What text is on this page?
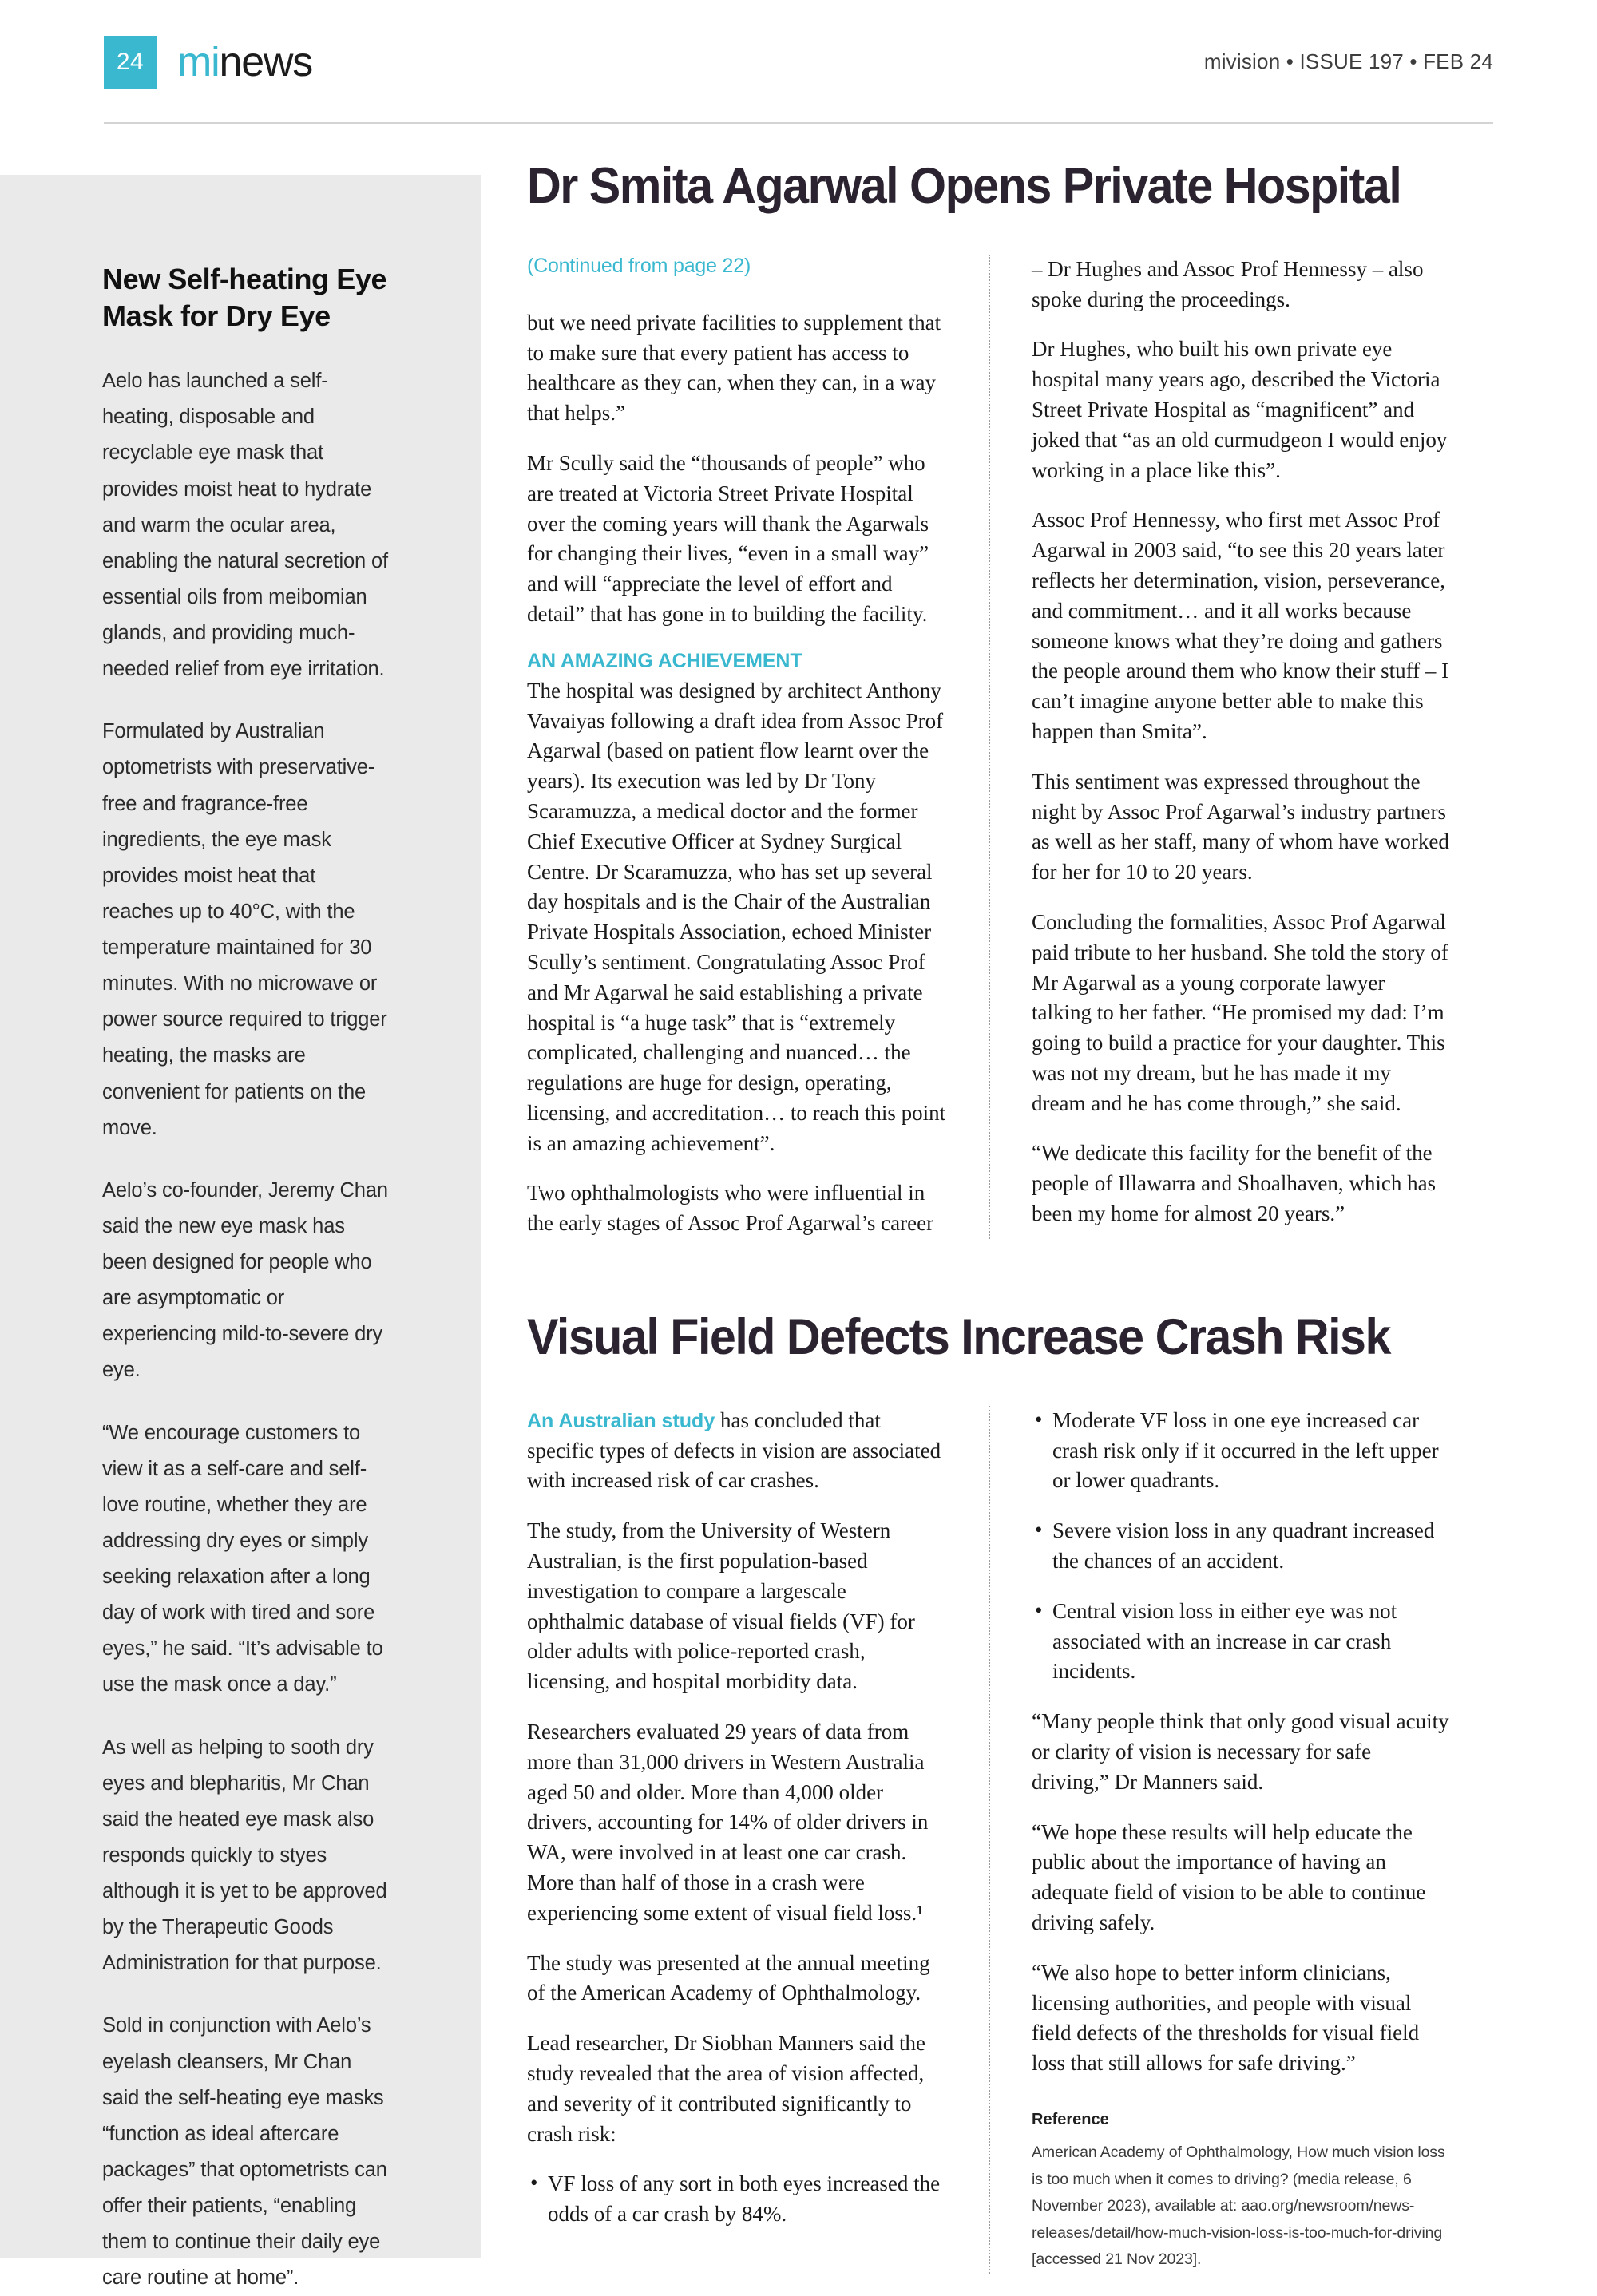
24 minews	mivision • ISSUE 197 • FEB 24
New Self-heating Eye Mask for Dry Eye

Aelo has launched a self-heating, disposable and recyclable eye mask that provides moist heat to hydrate and warm the ocular area, enabling the natural secretion of essential oils from meibomian glands, and providing much-needed relief from eye irritation.

Formulated by Australian optometrists with preservative-free and fragrance-free ingredients, the eye mask provides moist heat that reaches up to 40°C, with the temperature maintained for 30 minutes. With no microwave or power source required to trigger heating, the masks are convenient for patients on the move.

Aelo’s co-founder, Jeremy Chan said the new eye mask has been designed for people who are asymptomatic or experiencing mild-to-severe dry eye.

“We encourage customers to view it as a self-care and self-love routine, whether they are addressing dry eyes or simply seeking relaxation after a long day of work with tired and sore eyes,” he said. “It’s advisable to use the mask once a day.”

As well as helping to sooth dry eyes and blepharitis, Mr Chan said the heated eye mask also responds quickly to styes although it is yet to be approved by the Therapeutic Goods Administration for that purpose.

Sold in conjunction with Aelo’s eyelash cleansers, Mr Chan said the self-heating eye masks “function as ideal aftercare packages” that optometrists can offer their patients, “enabling them to continue their daily eye care routine at home”.

Dr Smita Agarwal Opens Private Hospital
(Continued from page 22)

but we need private facilities to supplement that to make sure that every patient has access to healthcare as they can, when they can, in a way that helps.”

Mr Scully said the “thousands of people” who are treated at Victoria Street Private Hospital over the coming years will thank the Agarwals for changing their lives, “even in a small way” and will “appreciate the level of effort and detail” that has gone in to building the facility.

AN AMAZING ACHIEVEMENT

The hospital was designed by architect Anthony Vavaiyas following a draft idea from Assoc Prof Agarwal (based on patient flow learnt over the years). Its execution was led by Dr Tony Scaramuzza, a medical doctor and the former Chief Executive Officer at Sydney Surgical Centre. Dr Scaramuzza, who has set up several day hospitals and is the Chair of the Australian Private Hospitals Association, echoed Minister Scully’s sentiment. Congratulating Assoc Prof and Mr Agarwal he said establishing a private hospital is “a huge task” that is “extremely complicated, challenging and nuanced… the regulations are huge for design, operating, licensing, and accreditation… to reach this point is an amazing achievement”.

Two ophthalmologists who were influential in the early stages of Assoc Prof Agarwal’s career

– Dr Hughes and Assoc Prof Hennessy – also spoke during the proceedings.

Dr Hughes, who built his own private eye hospital many years ago, described the Victoria Street Private Hospital as “magnificent” and joked that “as an old curmudgeon I would enjoy working in a place like this”.

Assoc Prof Hennessy, who first met Assoc Prof Agarwal in 2003 said, “to see this 20 years later reflects her determination, vision, perseverance, and commitment… and it all works because someone knows what they’re doing and gathers the people around them who know their stuff – I can’t imagine anyone better able to make this happen than Smita”.

This sentiment was expressed throughout the night by Assoc Prof Agarwal’s industry partners as well as her staff, many of whom have worked for her for 10 to 20 years.

Concluding the formalities, Assoc Prof Agarwal paid tribute to her husband. She told the story of Mr Agarwal as a young corporate lawyer talking to her father. “He promised my dad: I’m going to build a practice for your daughter. This was not my dream, but he has made it my dream and he has come through,” she said.

“We dedicate this facility for the benefit of the people of Illawarra and Shoalhaven, which has been my home for almost 20 years.”

Visual Field Defects Increase Crash Risk

An Australian study has concluded that specific types of defects in vision are associated with increased risk of car crashes.

The study, from the University of Western Australian, is the first population-based investigation to compare a largescale ophthalmic database of visual fields (VF) for older adults with police-reported crash, licensing, and hospital morbidity data.

Researchers evaluated 29 years of data from more than 31,000 drivers in Western Australia aged 50 and older. More than 4,000 older drivers, accounting for 14% of older drivers in WA, were involved in at least one car crash. More than half of those in a crash were experiencing some extent of visual field loss.¹

The study was presented at the annual meeting of the American Academy of Ophthalmology.

Lead researcher, Dr Siobhan Manners said the study revealed that the area of vision affected, and severity of it contributed significantly to crash risk:

• VF loss of any sort in both eyes increased the odds of a car crash by 84%.
• Moderate VF loss in one eye increased car crash risk only if it occurred in the left upper or lower quadrants.
• Severe vision loss in any quadrant increased the chances of an accident.
• Central vision loss in either eye was not associated with an increase in car crash incidents.

“Many people think that only good visual acuity or clarity of vision is necessary for safe driving,” Dr Manners said.

“We hope these results will help educate the public about the importance of having an adequate field of vision to be able to continue driving safely.

“We also hope to better inform clinicians, licensing authorities, and people with visual field defects of the thresholds for visual field loss that still allows for safe driving.”

Reference
American Academy of Ophthalmology, How much vision loss is too much when it comes to driving? (media release, 6 November 2023), available at: aao.org/newsroom/news-releases/detail/how-much-vision-loss-is-too-much-for-driving [accessed 21 Nov 2023].
